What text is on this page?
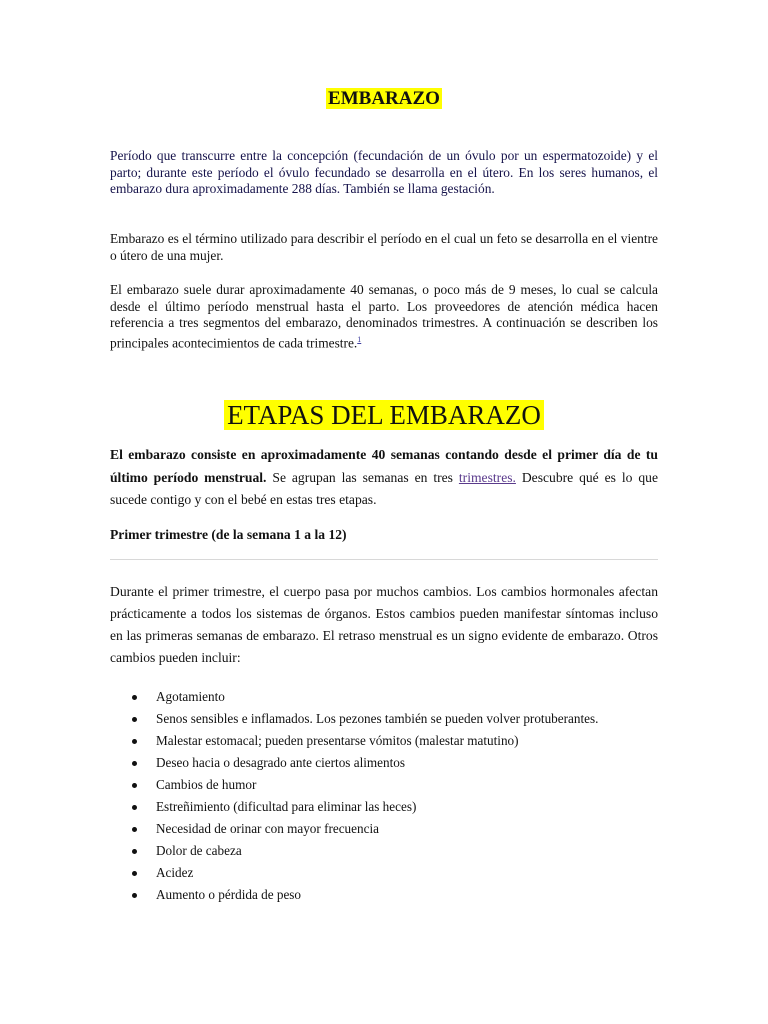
EMBARAZO

Período que transcurre entre la concepción (fecundación de un óvulo por un espermatozoide) y el parto; durante este período el óvulo fecundado se desarrolla en el útero. En los seres humanos, el embarazo dura aproximadamente 288 días. También se llama gestación.

Embarazo es el término utilizado para describir el período en el cual un feto se desarrolla en el vientre o útero de una mujer.

El embarazo suele durar aproximadamente 40 semanas, o poco más de 9 meses, lo cual se calcula desde el último período menstrual hasta el parto. Los proveedores de atención médica hacen referencia a tres segmentos del embarazo, denominados trimestres. A continuación se describen los principales acontecimientos de cada trimestre.$^1$

ETAPAS DEL EMBARAZO

El embarazo consiste en aproximadamente 40 semanas contando desde el primer día de tu último período menstrual. Se agrupan las semanas en tres trimestres. Descubre qué es lo que sucede contigo y con el bebé en estas tres etapas.

Primer trimestre (de la semana 1 a la 12)

Durante el primer trimestre, el cuerpo pasa por muchos cambios. Los cambios hormonales afectan prácticamente a todos los sistemas de órganos. Estos cambios pueden manifestar síntomas incluso en las primeras semanas de embarazo. El retraso menstrual es un signo evidente de embarazo. Otros cambios pueden incluir:

Agotamiento
Senos sensibles e inflamados. Los pezones también se pueden volver protuberantes.
Malestar estomacal; pueden presentarse vómitos (malestar matutino)
Deseo hacia o desagrado ante ciertos alimentos
Cambios de humor
Estreñimiento (dificultad para eliminar las heces)
Necesidad de orinar con mayor frecuencia
Dolor de cabeza
Acidez
Aumento o pérdida de peso
